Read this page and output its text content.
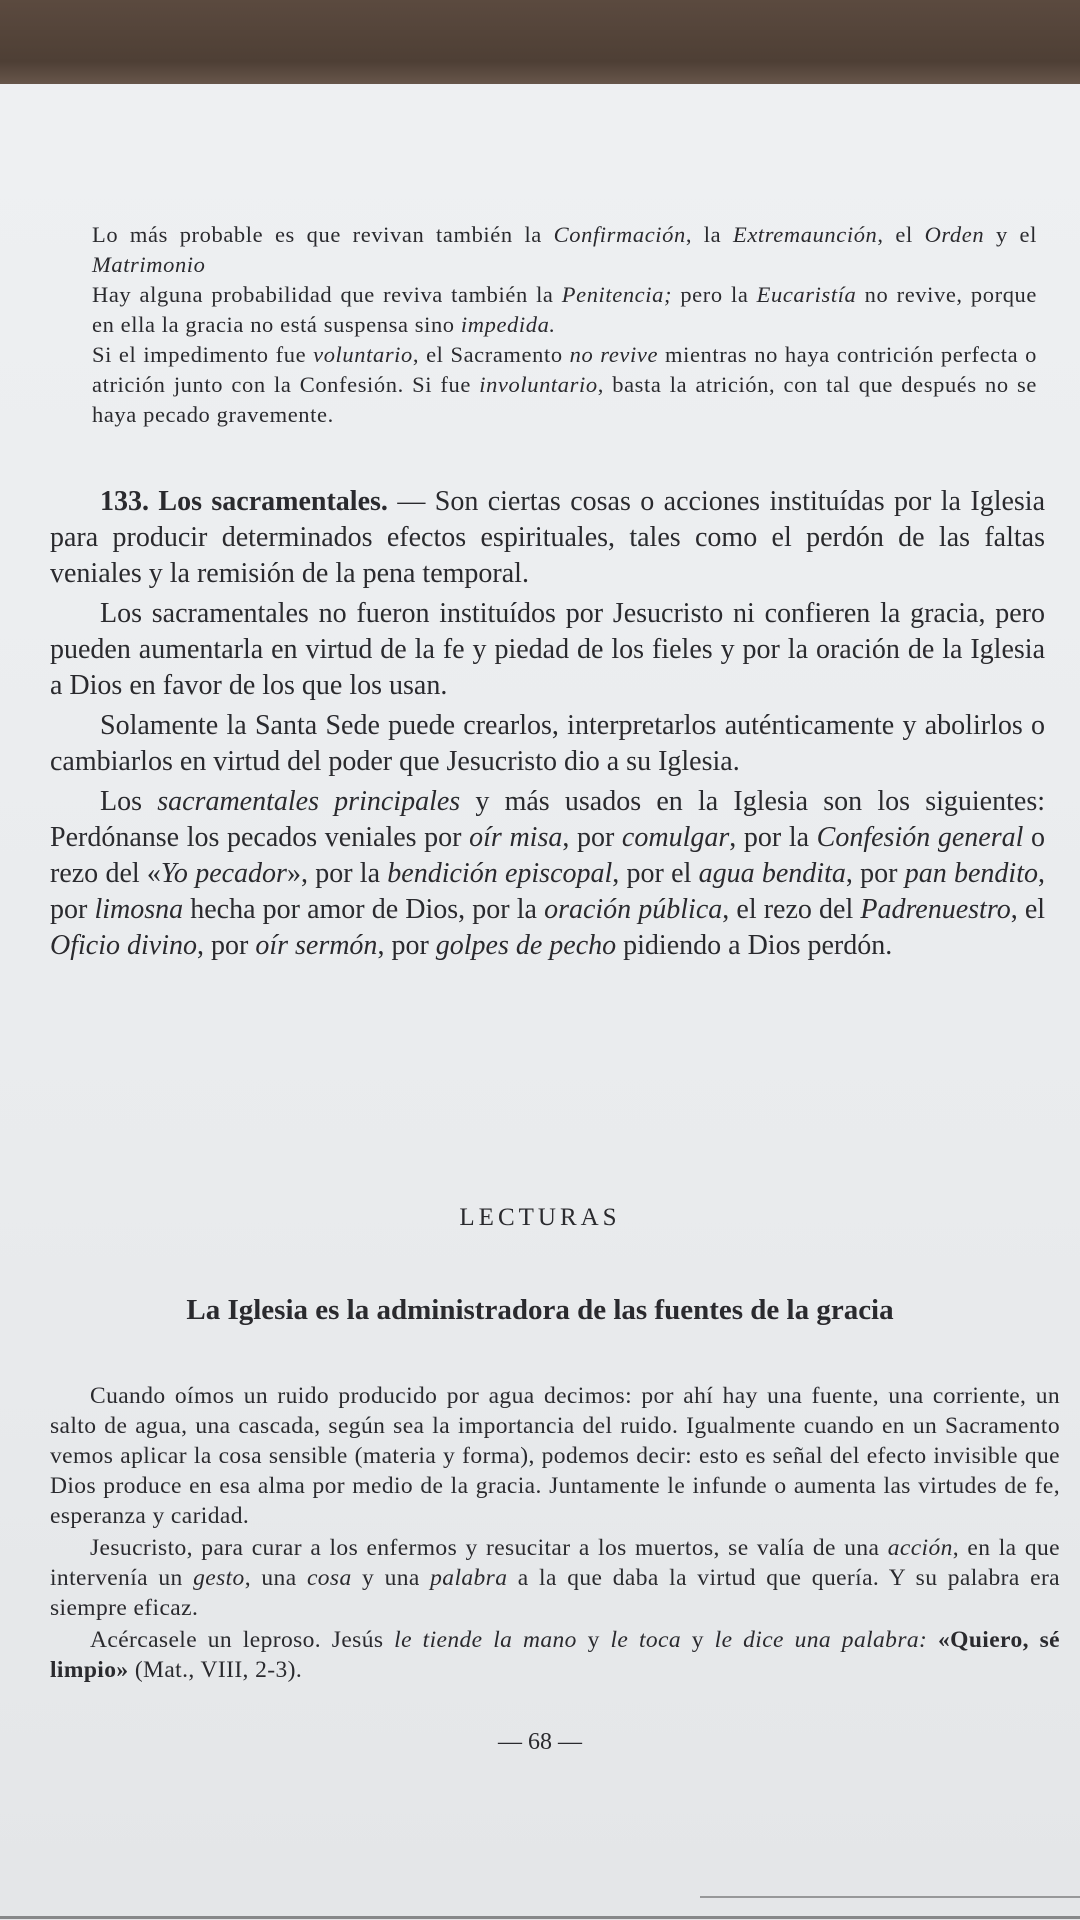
Lo más probable es que revivan también la Confirmación, la Extremaunción, el Orden y el Matrimonio

Hay alguna probabilidad que reviva también la Penitencia; pero la Eucaristía no revive, porque en ella la gracia no está suspensa sino impedida.

Si el impedimento fue voluntario, el Sacramento no revive mientras no haya contrición perfecta o atrición junto con la Confesión. Si fue involuntario, basta la atrición, con tal que después no se haya pecado gravemente.

133. Los sacramentales. — Son ciertas cosas o acciones instituídas por la Iglesia para producir determinados efectos espirituales, tales como el perdón de las faltas veniales y la remisión de la pena temporal.

Los sacramentales no fueron instituídos por Jesucristo ni confieren la gracia, pero pueden aumentarla en virtud de la fe y piedad de los fieles y por la oración de la Iglesia a Dios en favor de los que los usan.

Solamente la Santa Sede puede crearlos, interpretarlos auténticamente y abolirlos o cambiarlos en virtud del poder que Jesucristo dio a su Iglesia.

Los sacramentales principales y más usados en la Iglesia son los siguientes: Perdónanse los pecados veniales por oír misa, por comulgar, por la Confesión general o rezo del «Yo pecador», por la bendición episcopal, por el agua bendita, por pan bendito, por limosna hecha por amor de Dios, por la oración pública, el rezo del Padrenuestro, el Oficio divino, por oír sermón, por golpes de pecho pidiendo a Dios perdón.

LECTURAS
La Iglesia es la administradora de las fuentes de la gracia

Cuando oímos un ruido producido por agua decimos: por ahí hay una fuente, una corriente, un salto de agua, una cascada, según sea la importancia del ruido. Igualmente cuando en un Sacramento vemos aplicar la cosa sensible (materia y forma), podemos decir: esto es señal del efecto invisible que Dios produce en esa alma por medio de la gracia. Juntamente le infunde o aumenta las virtudes de fe, esperanza y caridad.

Jesucristo, para curar a los enfermos y resucitar a los muertos, se valía de una acción, en la que intervenía un gesto, una cosa y una palabra a la que daba la virtud que quería. Y su palabra era siempre eficaz.

Acércasele un leproso. Jesús le tiende la mano y le toca y le dice una palabra: «Quiero, sé limpio» (Mat., VIII, 2-3).

— 68 —
